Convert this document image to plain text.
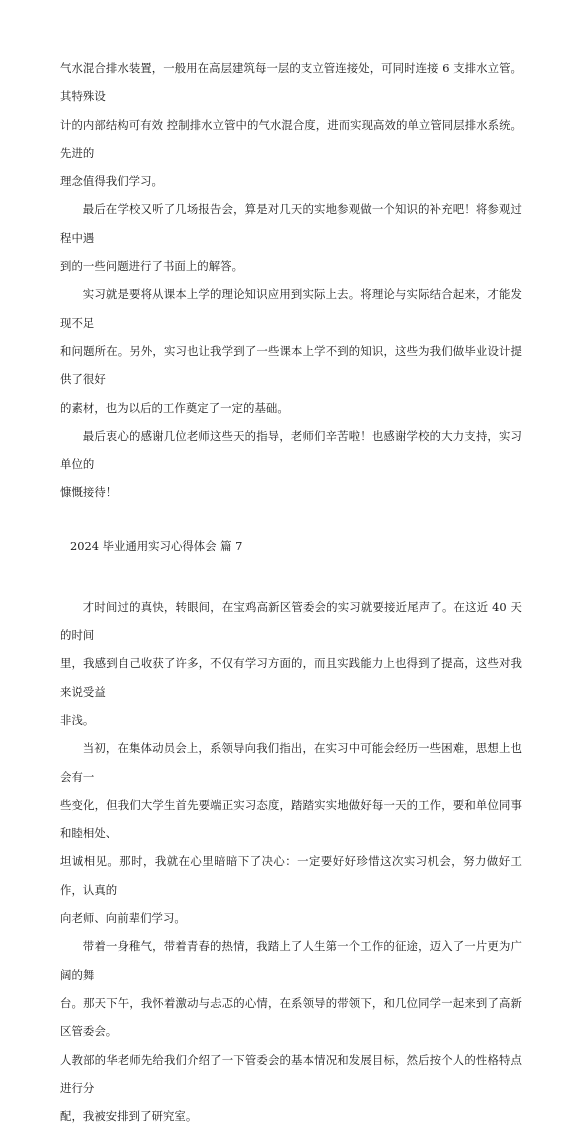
气水混合排水装置，一般用在高层建筑每一层的支立管连接处，可同时连接 6 支排水立管。其特殊设
计的内部结构可有效 控制排水立管中的气水混合度，进而实现高效的单立管同层排水系统。先进的
理念值得我们学习。

最后在学校又听了几场报告会，算是对几天的实地参观做一个知识的补充吧！将参观过程中遇
到的一些问题进行了书面上的解答。

实习就是要将从课本上学的理论知识应用到实际上去。将理论与实际结合起来，才能发现不足
和问题所在。另外，实习也让我学到了一些课本上学不到的知识，这些为我们做毕业设计提供了很好
的素材，也为以后的工作奠定了一定的基础。

最后衷心的感谢几位老师这些天的指导，老师们辛苦啦！也感谢学校的大力支持，实习单位的
慷慨接待！

2024 毕业通用实习心得体会 篇 7

才时间过的真快，转眼间，在宝鸡高新区管委会的实习就要接近尾声了。在这近 40 天的时间
里，我感到自己收获了许多，不仅有学习方面的，而且实践能力上也得到了提高，这些对我来说受益
非浅。

当初，在集体动员会上，系领导向我们指出，在实习中可能会经历一些困难，思想上也会有一
些变化，但我们大学生首先要端正实习态度，踏踏实实地做好每一天的工作，要和单位同事和睦相处、
坦诚相见。那时，我就在心里暗暗下了决心：一定要好好珍惜这次实习机会，努力做好工作，认真的
向老师、向前辈们学习。

带着一身稚气，带着青春的热情，我踏上了人生第一个工作的征途，迈入了一片更为广阔的舞
台。那天下午，我怀着激动与忐忑的心情，在系领导的带领下，和几位同学一起来到了高新区管委会。
人教部的华老师先给我们介绍了一下管委会的基本情况和发展目标，然后按个人的性格特点进行分
配，我被安排到了研究室。
